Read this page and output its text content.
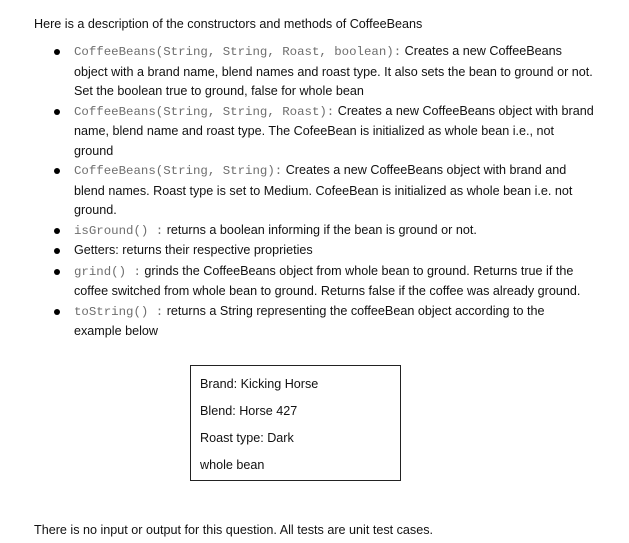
Here is a description of the constructors and methods of CoffeeBeans
CoffeeBeans(String, String, Roast, boolean): Creates a new CoffeeBeans object with a brand name, blend names and roast type. It also sets the bean to ground or not. Set the boolean true to ground, false for whole bean
CoffeeBeans(String, String, Roast): Creates a new CoffeeBeans object with brand name, blend name and roast type. The CofeeBean is initialized as whole bean i.e., not ground
CoffeeBeans(String, String): Creates a new CoffeeBeans object with brand and blend names. Roast type is set to Medium. CofeeBean is initialized as whole bean i.e. not ground.
isGround() : returns a boolean informing if the bean is ground or not.
Getters: returns their respective proprieties
grind() : grinds the CoffeeBeans object from whole bean to ground. Returns true if the coffee switched from whole bean to ground. Returns false if the coffee was already ground.
toString() : returns a String representing the coffeeBean object according to the example below
Brand: Kicking Horse
Blend: Horse 427
Roast type: Dark
whole bean
There is no input or output for this question. All tests are unit test cases.
